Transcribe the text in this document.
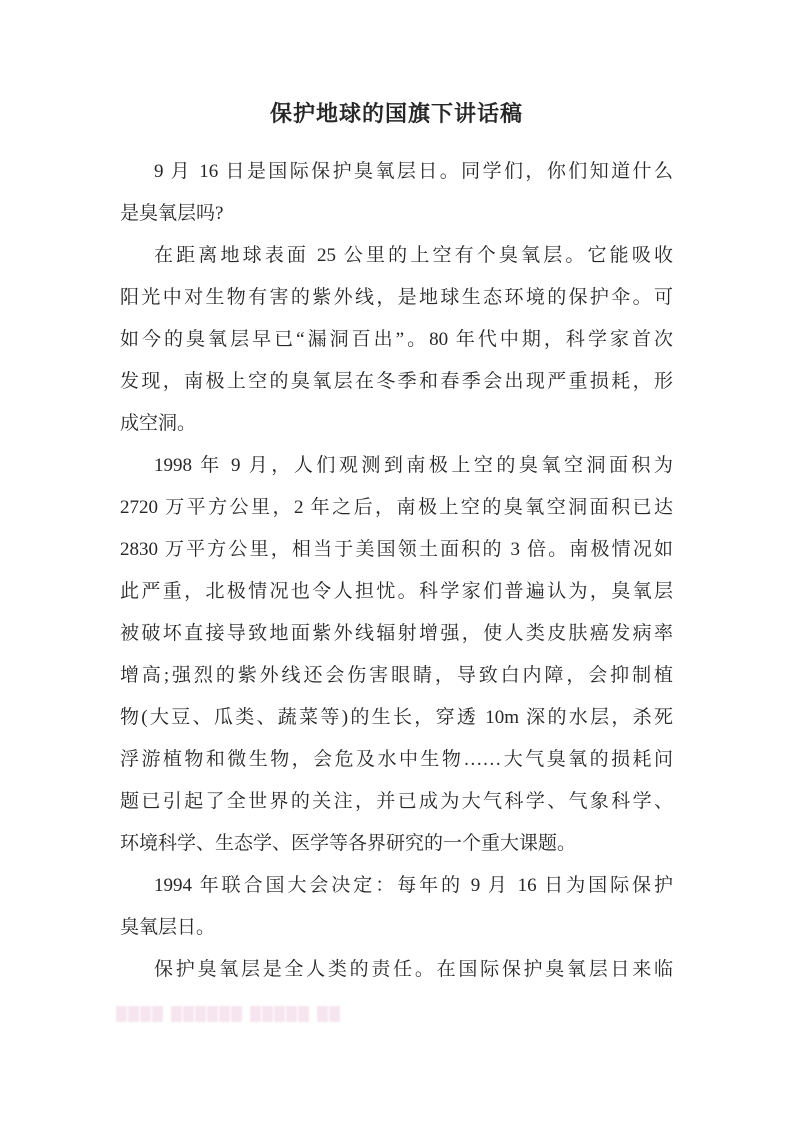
保护地球的国旗下讲话稿
9 月 16 日是国际保护臭氧层日。同学们，你们知道什么
是臭氧层吗?
在距离地球表面 25 公里的上空有个臭氧层。它能吸收
阳光中对生物有害的紫外线，是地球生态环境的保护伞。可
如今的臭氧层早已“漏洞百出”。80 年代中期，科学家首次
发现，南极上空的臭氧层在冬季和春季会出现严重损耗，形
成空洞。
1998 年 9 月，人们观测到南极上空的臭氧空洞面积为
2720 万平方公里，2 年之后，南极上空的臭氧空洞面积已达
2830 万平方公里，相当于美国领土面积的 3 倍。南极情况如
此严重，北极情况也令人担忧。科学家们普遍认为，臭氧层
被破坏直接导致地面紫外线辐射增强，使人类皮肤癌发病率
增高;强烈的紫外线还会伤害眼睛，导致白内障，会抑制植
物(大豆、瓜类、蔬菜等)的生长，穿透 10m 深的水层，杀死
浮游植物和微生物，会危及水中生物……大气臭氧的损耗问
题已引起了全世界的关注，并已成为大气科学、气象科学、
环境科学、生态学、医学等各界研究的一个重大课题。
1994 年联合国大会决定：每年的 9 月 16 日为国际保护
臭氧层日。
保护臭氧层是全人类的责任。在国际保护臭氧层日来临
